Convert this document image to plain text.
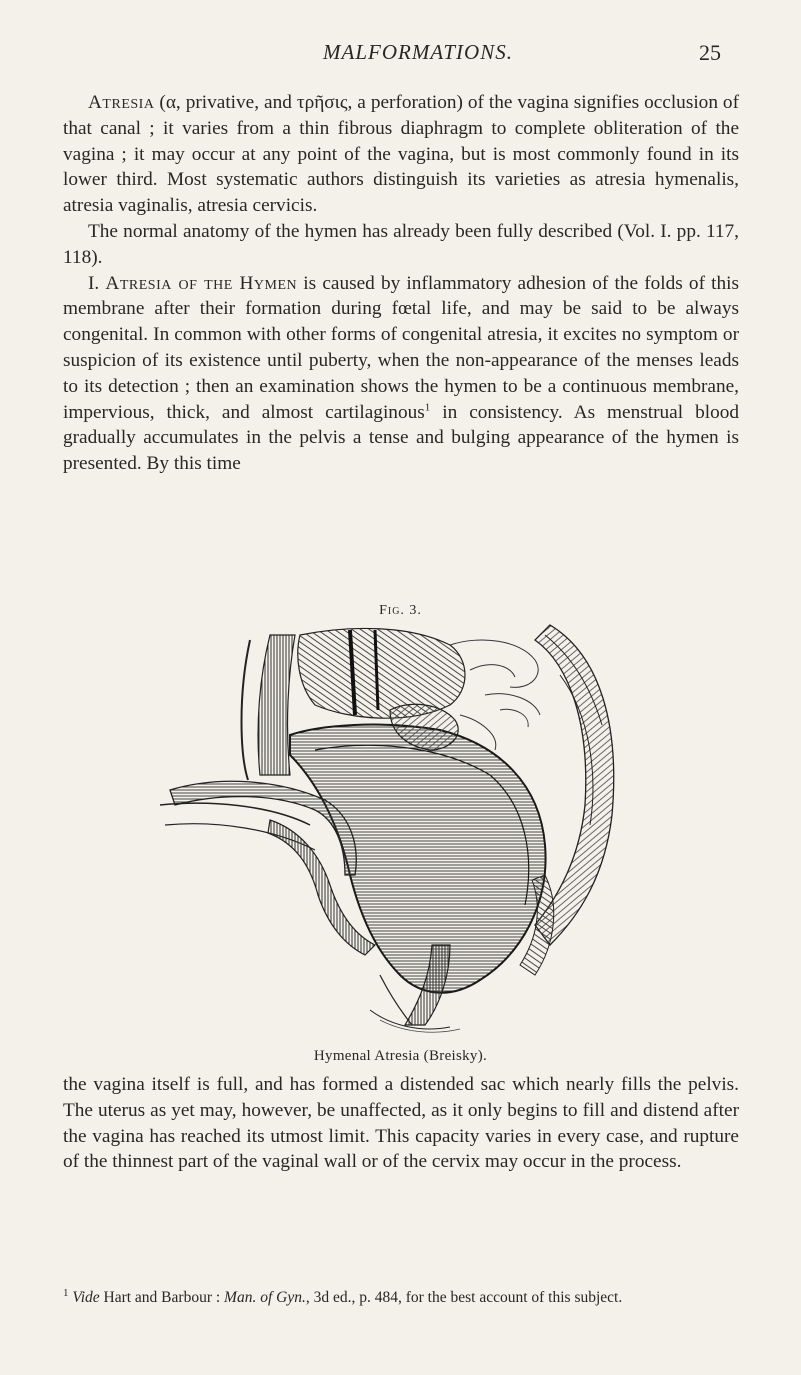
MALFORMATIONS.	25

Atresia (α, privative, and τρῆσις, a perforation) of the vagina signifies occlusion of that canal ; it varies from a thin fibrous diaphragm to complete obliteration of the vagina ; it may occur at any point of the vagina, but is most commonly found in its lower third. Most systematic authors distinguish its varieties as atresia hymenalis, atresia vaginalis, atresia cervicis.

The normal anatomy of the hymen has already been fully described (Vol. I. pp. 117, 118).

I. Atresia of the Hymen is caused by inflammatory adhesion of the folds of this membrane after their formation during fœtal life, and may be said to be always congenital. In common with other forms of congenital atresia, it excites no symptom or suspicion of its existence until puberty, when the non-appearance of the menses leads to its detection ; then an examination shows the hymen to be a continuous membrane, impervious, thick, and almost cartilaginous$^1$ in consistency. As menstrual blood gradually accumulates in the pelvis a tense and bulging appearance of the hymen is presented. By this time

Fig. 3.
Hymenal Atresia (Breisky).

the vagina itself is full, and has formed a distended sac which nearly fills the pelvis. The uterus as yet may, however, be unaffected, as it only begins to fill and distend after the vagina has reached its utmost limit. This capacity varies in every case, and rupture of the thinnest part of the vaginal wall or of the cervix may occur in the process.

$^1$ Vide Hart and Barbour : Man. of Gyn., 3d ed., p. 484, for the best account of this subject.
